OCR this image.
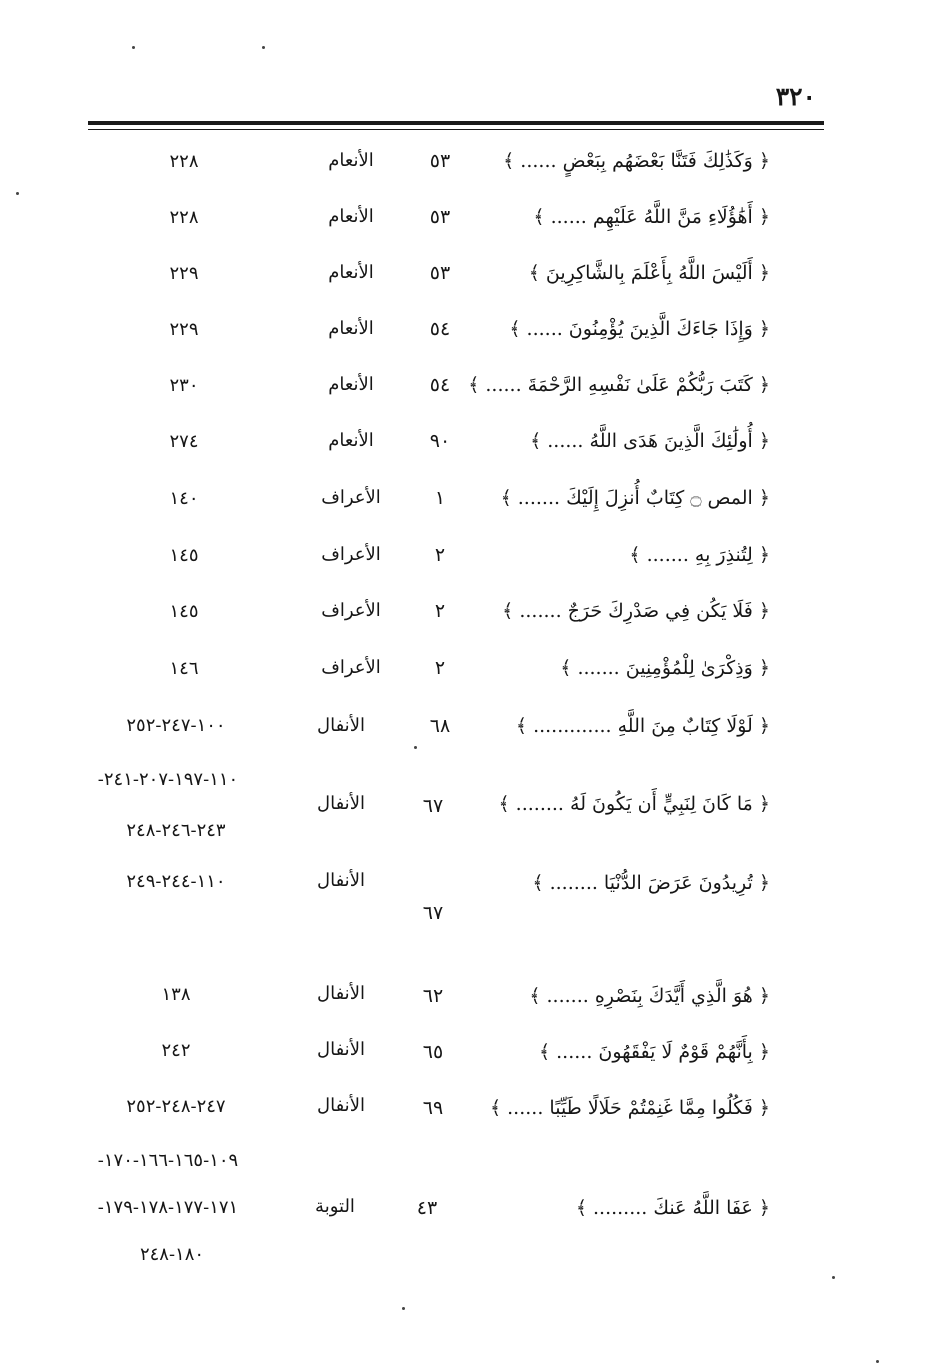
٣٢٠
﴿ وَكَذَٰلِكَ فَتَنَّا بَعْضَهُم بِبَعْضٍ ...... ﴾
٥٣
الأنعام
٢٢٨
﴿ أَهَٰؤُلَاءِ مَنَّ اللَّهُ عَلَيْهِم ...... ﴾
٥٣
الأنعام
٢٢٨
﴿ أَلَيْسَ اللَّهُ بِأَعْلَمَ بِالشَّاكِرِينَ ﴾
٥٣
الأنعام
٢٢٩
﴿ وَإِذَا جَاءَكَ الَّذِينَ يُؤْمِنُونَ ...... ﴾
٥٤
الأنعام
٢٢٩
﴿ كَتَبَ رَبُّكُمْ عَلَىٰ نَفْسِهِ الرَّحْمَةَ ...... ﴾
٥٤
الأنعام
٢٣٠
﴿ أُولَٰئِكَ الَّذِينَ هَدَى اللَّهُ ...... ﴾
٩٠
الأنعام
٢٧٤
﴿ المص ۝ كِتَابٌ أُنزِلَ إِلَيْكَ ....... ﴾
١
الأعراف
١٤٠
﴿ لِتُنذِرَ بِهِ ....... ﴾
٢
الأعراف
١٤٥
﴿ فَلَا يَكُن فِي صَدْرِكَ حَرَجٌ ....... ﴾
٢
الأعراف
١٤٥
﴿ وَذِكْرَىٰ لِلْمُؤْمِنِينَ ....... ﴾
٢
الأعراف
١٤٦
﴿ لَوْلَا كِتَابٌ مِنَ اللَّهِ ............. ﴾
٦٨
الأنفال
١٠٠-٢٤٧-٢٥٢
﴿ مَا كَانَ لِنَبِيٍّ أَن يَكُونَ لَهُ ........ ﴾
٦٧
الأنفال
١١٠-١٩٧-٢٠٧-٢٤١-
٢٤٣-٢٤٦-٢٤٨
﴿ تُرِيدُونَ عَرَضَ الدُّنْيَا ........ ﴾
٦٧
الأنفال
١١٠-٢٤٤-٢٤٩
﴿ هُوَ الَّذِي أَيَّدَكَ بِنَصْرِهِ ....... ﴾
٦٢
الأنفال
١٣٨
﴿ بِأَنَّهُمْ قَوْمٌ لَا يَفْقَهُونَ ...... ﴾
٦٥
الأنفال
٢٤٢
﴿ فَكُلُوا مِمَّا غَنِمْتُمْ حَلَالًا طَيِّبًا ...... ﴾
٦٩
الأنفال
٢٤٧-٢٤٨-٢٥٢
١٠٩-١٦٥-١٦٦-١٧٠-
﴿ عَفَا اللَّهُ عَنكَ ......... ﴾
٤٣
التوبة
١٧١-١٧٧-١٧٨-١٧٩-
١٨٠-٢٤٨
